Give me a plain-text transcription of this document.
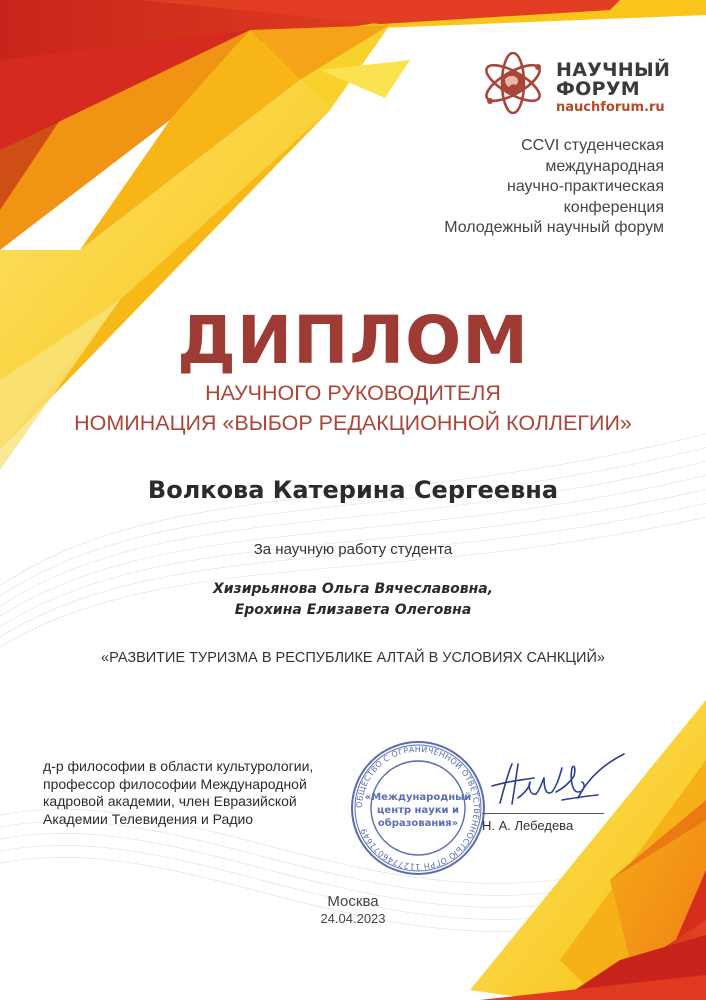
НАУЧНЫЙ
ФОРУМ
nauchforum.ru
CCVI студенческая
международная
научно-практическая
конференция
Молодежный научный форум
ДИПЛОМ
НАУЧНОГО РУКОВОДИТЕЛЯ
НОМИНАЦИЯ «ВЫБОР РЕДАКЦИОННОЙ КОЛЛЕГИИ»
Волкова Катерина Сергеевна
За научную работу студента
Хизирьянова Ольга Вячеславовна,
Ерохина Елизавета Олеговна
«РАЗВИТИЕ ТУРИЗМА В РЕСПУБЛИКЕ АЛТАЙ В УСЛОВИЯХ САНКЦИЙ»
д-р философии в области культурологии,
профессор философии Международной
кадровой академии, член Евразийской
Академии Телевидения и Радио
ОБЩЕСТВО С ОГРАНИЧЕННОЙ ОТВЕТСТВЕННОСТЬЮ ОГРН 1127746071649
«Международный
центр науки и
образования» Н. А. Лебедева
Москва
24.04.2023
